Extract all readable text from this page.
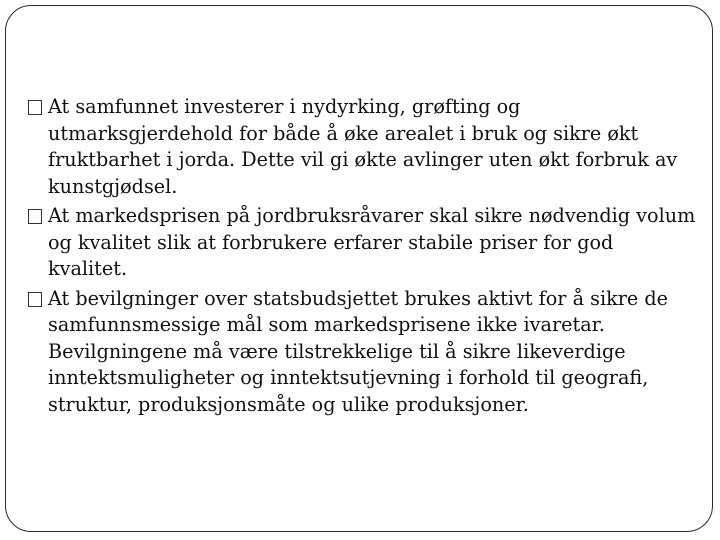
At samfunnet investerer i nydyrking, grøfting og utmarksgjerdehold for både å øke arealet i bruk og sikre økt fruktbarhet i jorda. Dette vil gi økte avlinger uten økt forbruk av kunstgjødsel.
At markedsprisen på jordbruksråvarer skal sikre nødvendig volum og kvalitet slik at forbrukere erfarer stabile priser for god kvalitet.
At bevilgninger over statsbudsjettet brukes aktivt for å sikre de samfunnsmessige mål som markedsprisene ikke ivaretar. Bevilgningene må være tilstrekkelige til å sikre likeverdige inntektsmuligheter og inntektsutjevning i forhold til geografi, struktur, produksjonsmåte og ulike produksjoner.
